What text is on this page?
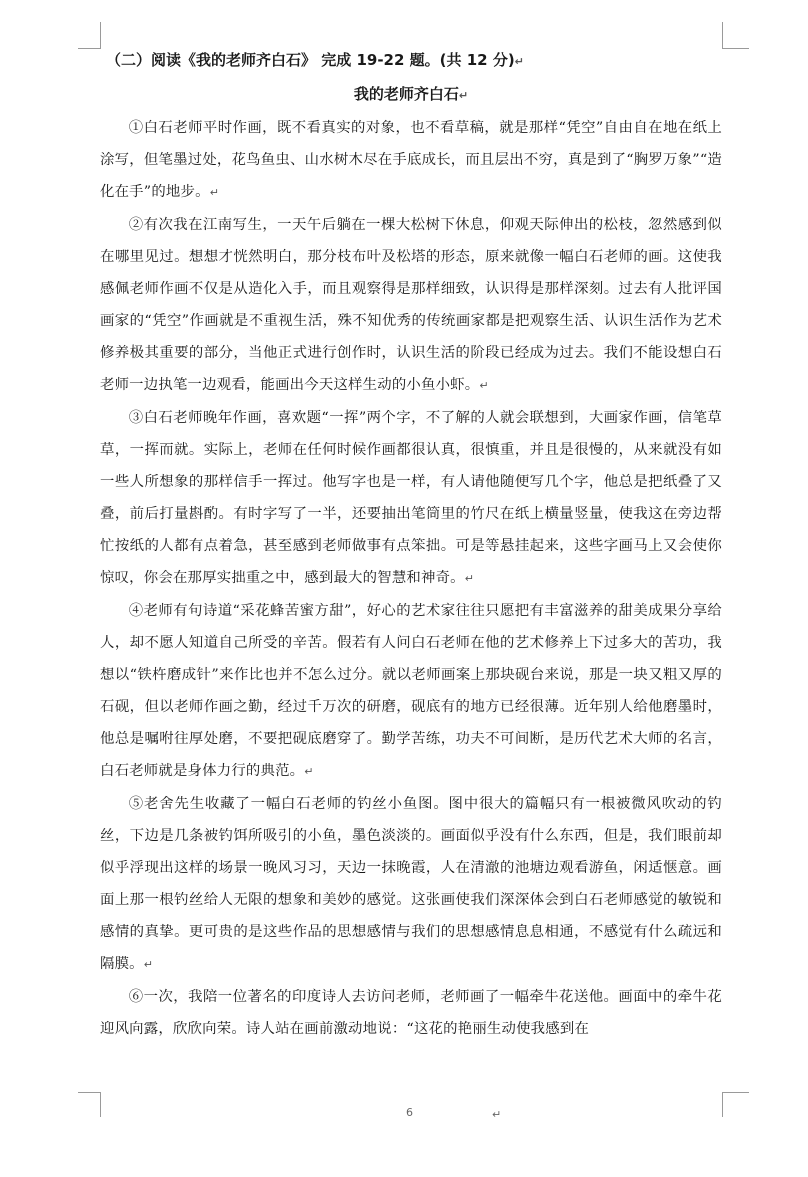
（二）阅读《我的老师齐白石》 完成 19-22 题。(共 12 分)↵

我的老师齐白石↵

①白石老师平时作画，既不看真实的对象，也不看草稿，就是那样“凭空”自由自在地在纸上涂写，但笔墨过处，花鸟鱼虫、山水树木尽在手底成长，而且层出不穷，真是到了“胸罗万象”“造化在手”的地步。↵

②有次我在江南写生，一天午后躺在一棵大松树下休息，仰观天际伸出的松枝，忽然感到似在哪里见过。想想才恍然明白，那分枝布叶及松塔的形态，原来就像一幅白石老师的画。这使我感佩老师作画不仅是从造化入手，而且观察得是那样细致，认识得是那样深刻。过去有人批评国画家的“凭空”作画就是不重视生活，殊不知优秀的传统画家都是把观察生活、认识生活作为艺术修养极其重要的部分，当他正式进行创作时，认识生活的阶段已经成为过去。我们不能设想白石老师一边执笔一边观看，能画出今天这样生动的小鱼小虾。↵

③白石老师晚年作画，喜欢题“一挥”两个字，不了解的人就会联想到，大画家作画，信笔草草，一挥而就。实际上，老师在任何时候作画都很认真，很慎重，并且是很慢的，从来就没有如一些人所想象的那样信手一挥过。他写字也是一样，有人请他随便写几个字，他总是把纸叠了又叠，前后打量斟酌。有时字写了一半，还要抽出笔筒里的竹尺在纸上横量竖量，使我这在旁边帮忙按纸的人都有点着急，甚至感到老师做事有点笨拙。可是等悬挂起来，这些字画马上又会使你惊叹，你会在那厚实拙重之中，感到最大的智慧和神奇。↵

④老师有句诗道“采花蜂苦蜜方甜”，好心的艺术家往往只愿把有丰富滋养的甜美成果分享给人，却不愿人知道自己所受的辛苦。假若有人问白石老师在他的艺术修养上下过多大的苦功，我想以“铁杵磨成针”来作比也并不怎么过分。就以老师画案上那块砚台来说，那是一块又粗又厚的石砚，但以老师作画之勤，经过千万次的研磨，砚底有的地方已经很薄。近年别人给他磨墨时，他总是嘱咐往厚处磨，不要把砚底磨穿了。勤学苦练，功夫不可间断，是历代艺术大师的名言，白石老师就是身体力行的典范。↵

⑤老舍先生收藏了一幅白石老师的钓丝小鱼图。图中很大的篇幅只有一根被微风吹动的钓丝，下边是几条被钓饵所吸引的小鱼，墨色淡淡的。画面似乎没有什么东西，但是，我们眼前却似乎浮现出这样的场景一晚风习习，天边一抹晚霞，人在清澈的池塘边观看游鱼，闲适惬意。画面上那一根钓丝给人无限的想象和美妙的感觉。这张画使我们深深体会到白石老师感觉的敏锐和感情的真挚。更可贵的是这些作品的思想感情与我们的思想感情息息相通，不感觉有什么疏远和隔膜。↵

⑥一次，我陪一位著名的印度诗人去访问老师，老师画了一幅牵牛花送他。画面中的牵牛花迎风向露，欣欣向荣。诗人站在画前激动地说：“这花的艳丽生动使我感到在

6	↵
